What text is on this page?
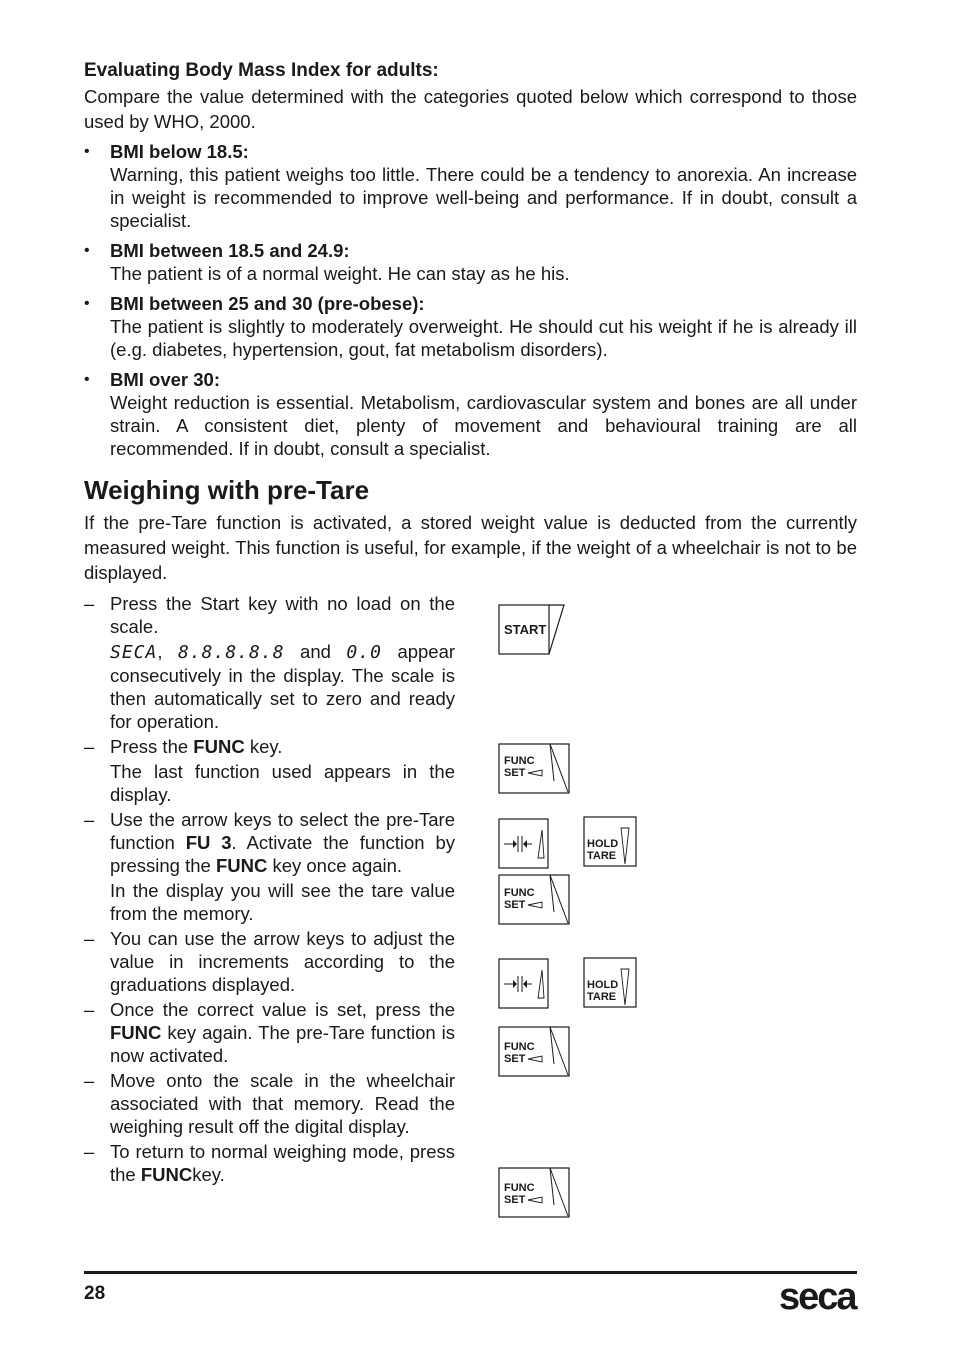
Evaluating Body Mass Index for adults:

Compare the value determined with the categories quoted below which correspond to those used by WHO, 2000.

• BMI below 18.5:
Warning, this patient weighs too little. There could be a tendency to anorexia. An increase in weight is recommended to improve well-being and performance. If in doubt, consult a specialist.
• BMI between 18.5 and 24.9:
The patient is of a normal weight. He can stay as he his.
• BMI between 25 and 30 (pre-obese):
The patient is slightly to moderately overweight. He should cut his weight if he is already ill (e.g. diabetes, hypertension, gout, fat metabolism disorders).
• BMI over 30:
Weight reduction is essential. Metabolism, cardiovascular system and bones are all under strain. A consistent diet, plenty of movement and behavioural training are all recommended. If in doubt, consult a specialist.
Weighing with pre-Tare

If the pre-Tare function is activated, a stored weight value is deducted from the currently measured weight. This function is useful, for example, if the weight of a wheelchair is not to be displayed.

– Press the Start key with no load on the scale.

SECA, 8.8.8.8.8 and 0.0 appear consecutively in the display. The scale is then automatically set to zero and ready for operation.

– Press the FUNC key.

The last function used appears in the display.

– Use the arrow keys to select the pre-Tare function FU 3. Activate the function by pressing the FUNC key once again.

In the display you will see the tare value from the memory.

– You can use the arrow keys to adjust the value in increments according to the graduations displayed.

– Once the correct value is set, press the FUNC key again. The pre-Tare function is now activated.

– Move onto the scale in the wheelchair associated with that memory. Read the weighing result off the digital display.

– To return to normal weighing mode, press the FUNCkey.

START
FUNC
SET
HOLD
TARE
FUNC
SET
HOLD
TARE
FUNC
SET
FUNC
SET
28	seca
